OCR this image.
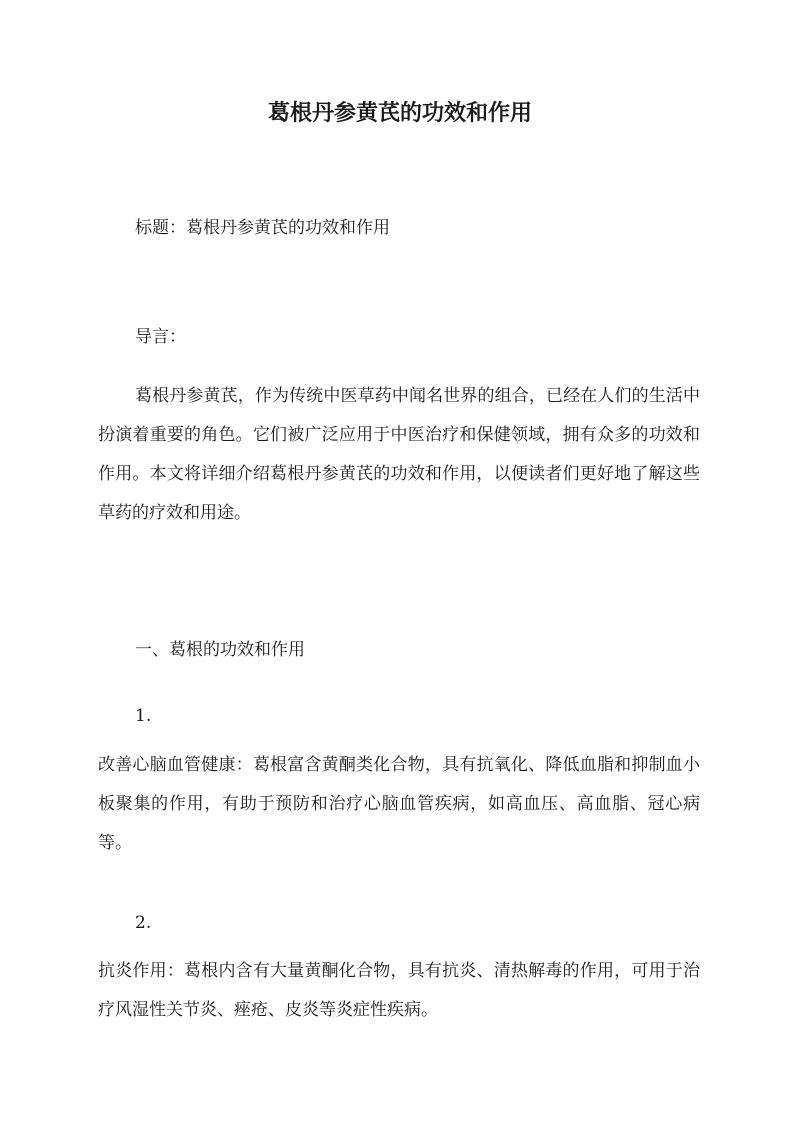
葛根丹参黄芪的功效和作用

标题：葛根丹参黄芪的功效和作用

导言：

葛根丹参黄芪，作为传统中医草药中闻名世界的组合，已经在人们的生活中扮演着重要的角色。它们被广泛应用于中医治疗和保健领域，拥有众多的功效和作用。本文将详细介绍葛根丹参黄芪的功效和作用，以便读者们更好地了解这些草药的疗效和用途。

一、葛根的功效和作用

1.

改善心脑血管健康：葛根富含黄酮类化合物，具有抗氧化、降低血脂和抑制血小板聚集的作用，有助于预防和治疗心脑血管疾病，如高血压、高血脂、冠心病等。

2.

抗炎作用：葛根内含有大量黄酮化合物，具有抗炎、清热解毒的作用，可用于治疗风湿性关节炎、痤疮、皮炎等炎症性疾病。
